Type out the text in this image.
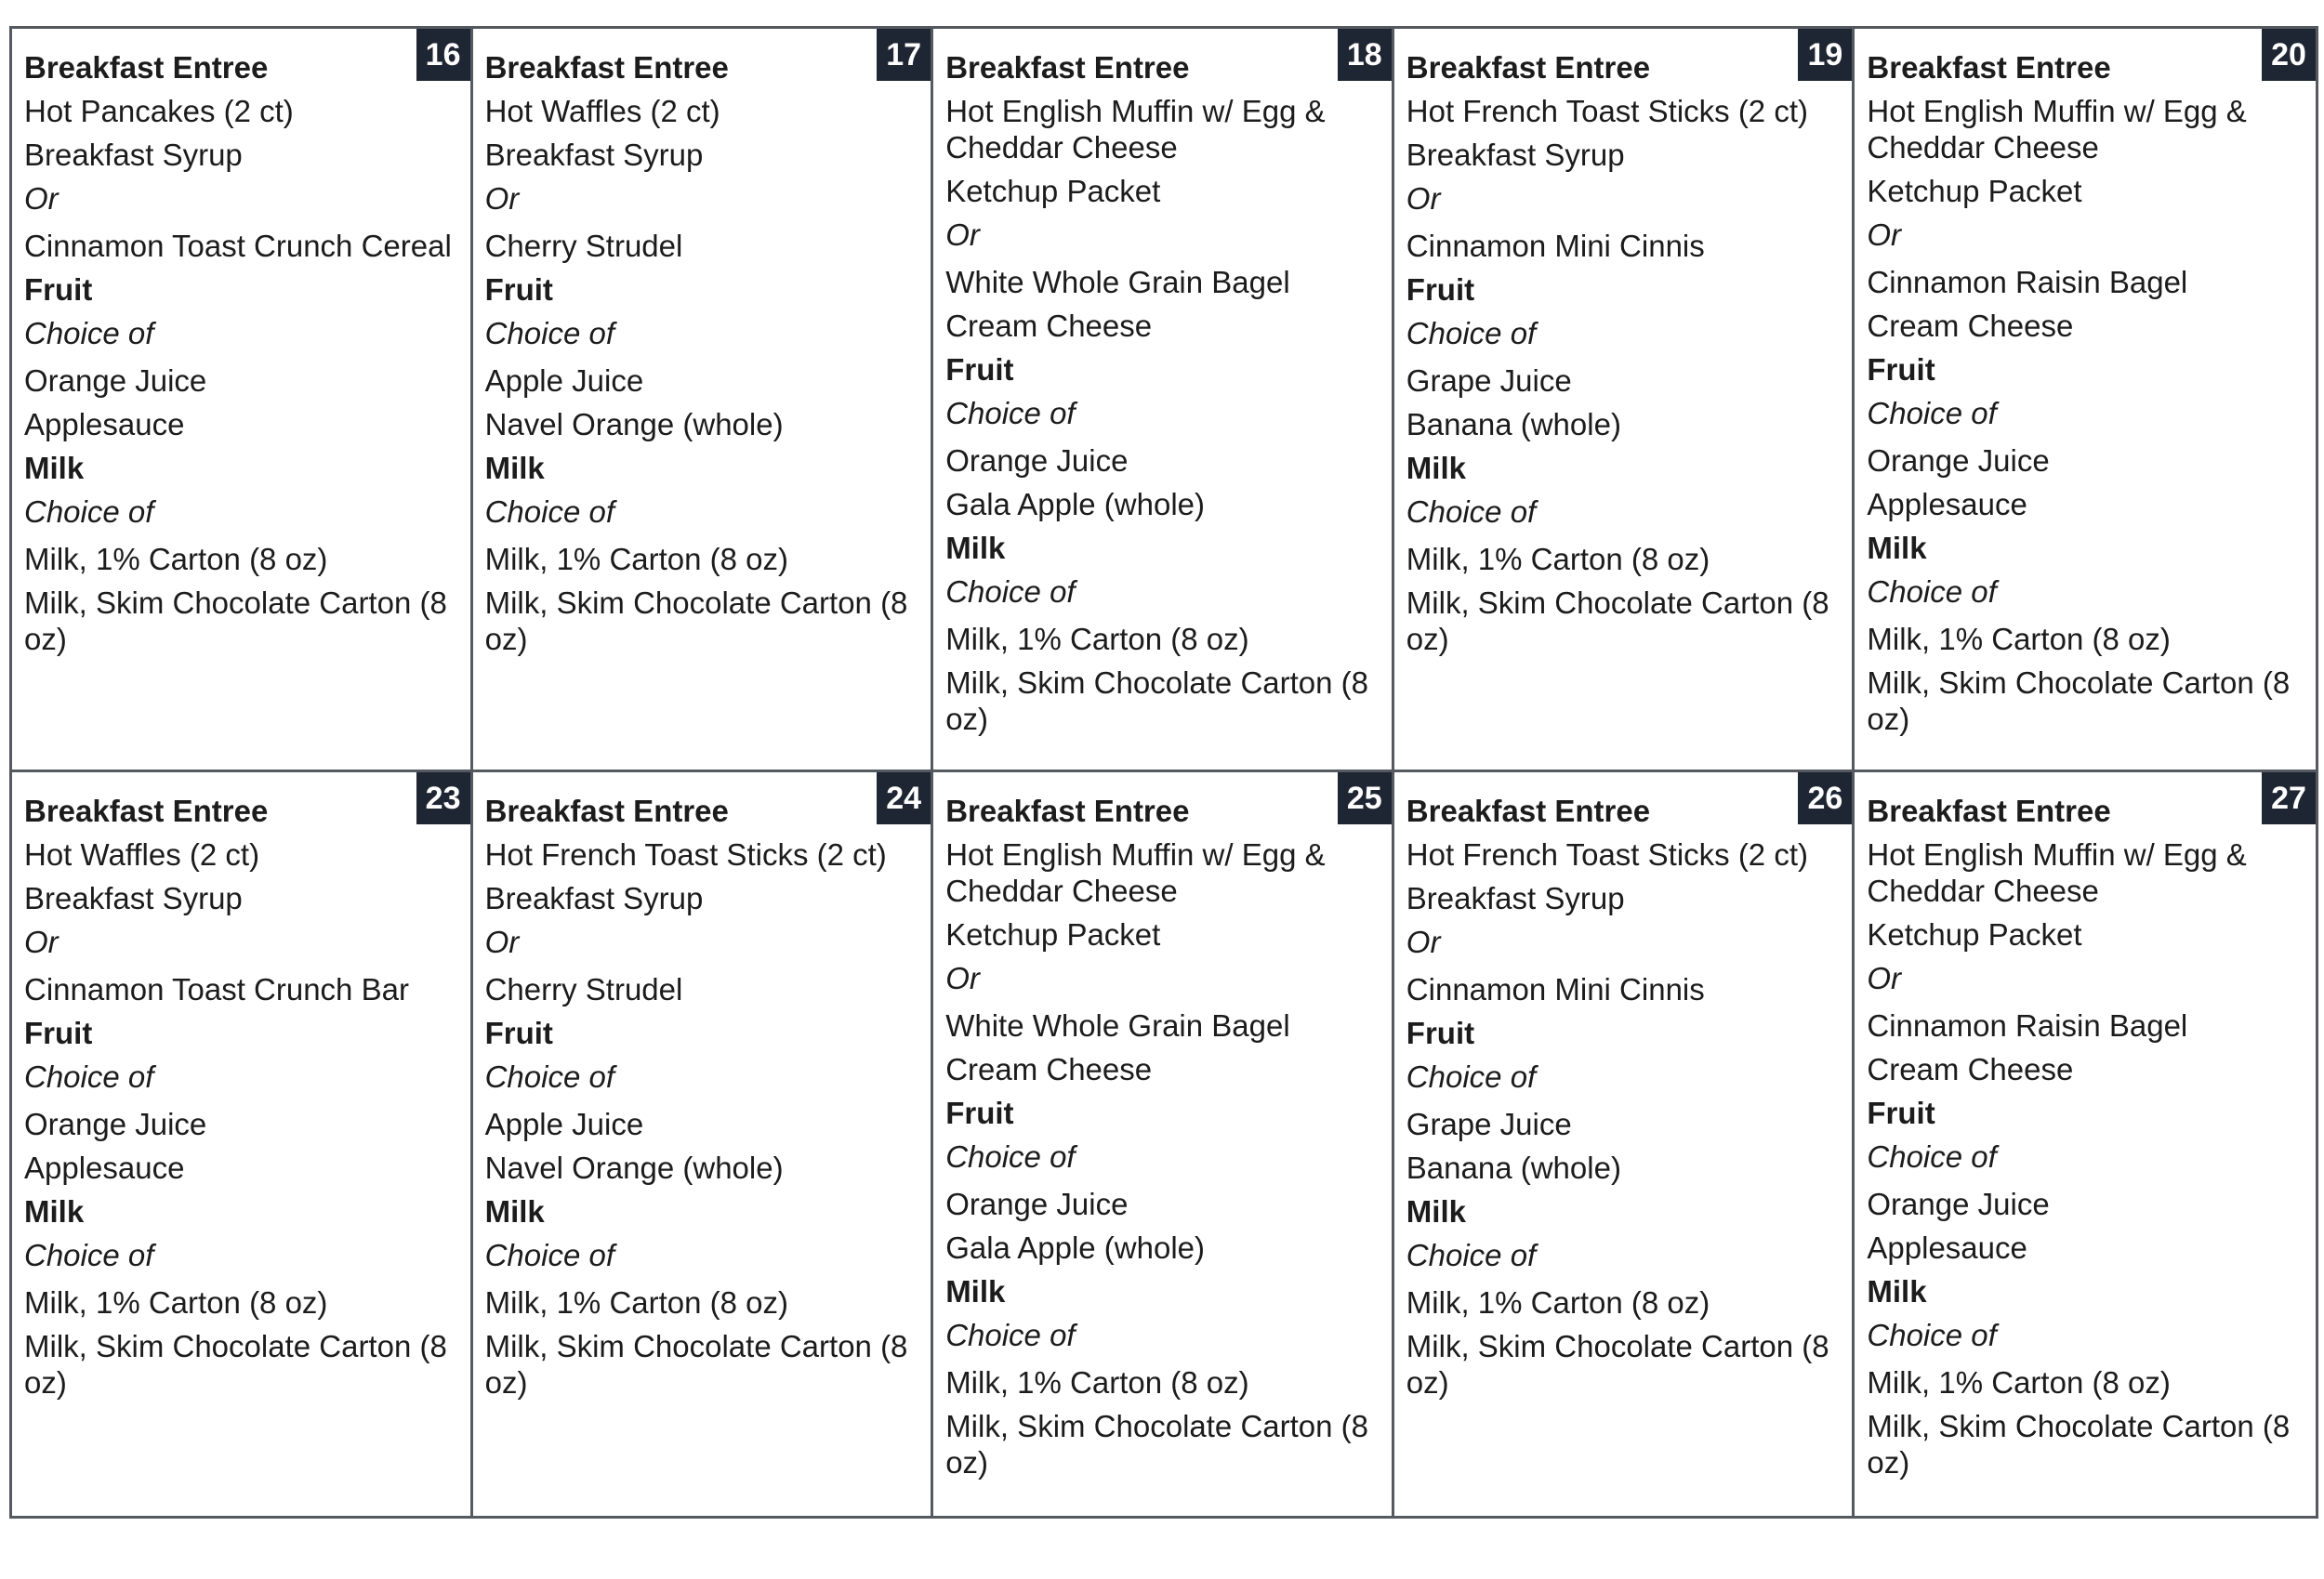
16
Breakfast Entree
Hot Pancakes (2 ct)
Breakfast Syrup
Or
Cinnamon Toast Crunch Cereal
Fruit
Choice of
Orange Juice
Applesauce
Milk
Choice of
Milk, 1% Carton (8 oz)
Milk, Skim Chocolate Carton (8 oz)
17
Breakfast Entree
Hot Waffles (2 ct)
Breakfast Syrup
Or
Cherry Strudel
Fruit
Choice of
Apple Juice
Navel Orange (whole)
Milk
Choice of
Milk, 1% Carton (8 oz)
Milk, Skim Chocolate Carton (8 oz)
18
Breakfast Entree
Hot English Muffin w/ Egg & Cheddar Cheese
Ketchup Packet
Or
White Whole Grain Bagel
Cream Cheese
Fruit
Choice of
Orange Juice
Gala Apple (whole)
Milk
Choice of
Milk, 1% Carton (8 oz)
Milk, Skim Chocolate Carton (8 oz)
19
Breakfast Entree
Hot French Toast Sticks (2 ct)
Breakfast Syrup
Or
Cinnamon Mini Cinnis
Fruit
Choice of
Grape Juice
Banana (whole)
Milk
Choice of
Milk, 1% Carton (8 oz)
Milk, Skim Chocolate Carton (8 oz)
20
Breakfast Entree
Hot English Muffin w/ Egg & Cheddar Cheese
Ketchup Packet
Or
Cinnamon Raisin Bagel
Cream Cheese
Fruit
Choice of
Orange Juice
Applesauce
Milk
Choice of
Milk, 1% Carton (8 oz)
Milk, Skim Chocolate Carton (8 oz)
23
Breakfast Entree
Hot Waffles (2 ct)
Breakfast Syrup
Or
Cinnamon Toast Crunch Bar
Fruit
Choice of
Orange Juice
Applesauce
Milk
Choice of
Milk, 1% Carton (8 oz)
Milk, Skim Chocolate Carton (8 oz)
24
Breakfast Entree
Hot French Toast Sticks (2 ct)
Breakfast Syrup
Or
Cherry Strudel
Fruit
Choice of
Apple Juice
Navel Orange (whole)
Milk
Choice of
Milk, 1% Carton (8 oz)
Milk, Skim Chocolate Carton (8 oz)
25
Breakfast Entree
Hot English Muffin w/ Egg & Cheddar Cheese
Ketchup Packet
Or
White Whole Grain Bagel
Cream Cheese
Fruit
Choice of
Orange Juice
Gala Apple (whole)
Milk
Choice of
Milk, 1% Carton (8 oz)
Milk, Skim Chocolate Carton (8 oz)
26
Breakfast Entree
Hot French Toast Sticks (2 ct)
Breakfast Syrup
Or
Cinnamon Mini Cinnis
Fruit
Choice of
Grape Juice
Banana (whole)
Milk
Choice of
Milk, 1% Carton (8 oz)
Milk, Skim Chocolate Carton (8 oz)
27
Breakfast Entree
Hot English Muffin w/ Egg & Cheddar Cheese
Ketchup Packet
Or
Cinnamon Raisin Bagel
Cream Cheese
Fruit
Choice of
Orange Juice
Applesauce
Milk
Choice of
Milk, 1% Carton (8 oz)
Milk, Skim Chocolate Carton (8 oz)
